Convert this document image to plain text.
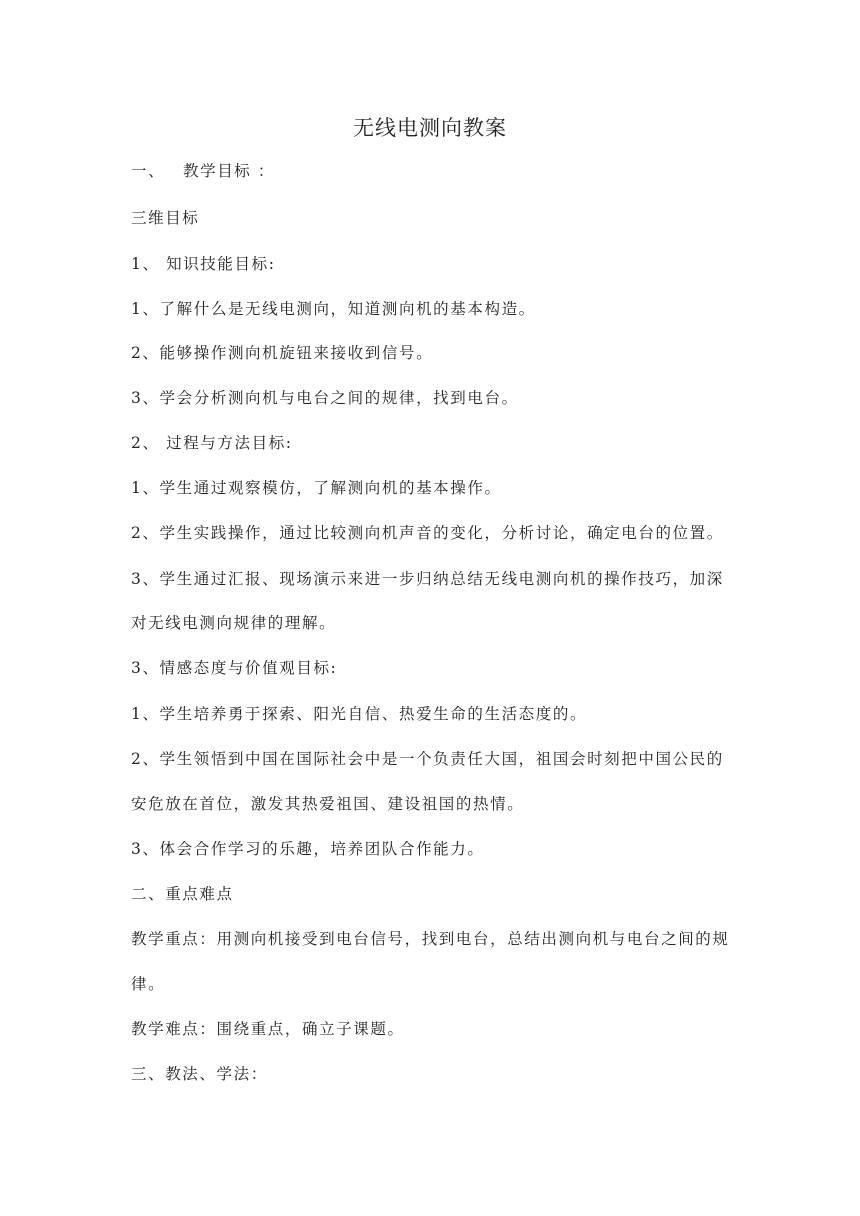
无线电测向教案
一、 教学目标 ：
三维目标
1、 知识技能目标:
1、了解什么是无线电测向，知道测向机的基本构造。
2、能够操作测向机旋钮来接收到信号。
3、学会分析测向机与电台之间的规律，找到电台。
2、 过程与方法目标:
1、学生通过观察模仿，了解测向机的基本操作。
2、学生实践操作，通过比较测向机声音的变化，分析讨论，确定电台的位置。
3、学生通过汇报、现场演示来进一步归纳总结无线电测向机的操作技巧，加深
对无线电测向规律的理解。
3、情感态度与价值观目标:
1、学生培养勇于探索、阳光自信、热爱生命的生活态度的。
2、学生领悟到中国在国际社会中是一个负责任大国，祖国会时刻把中国公民的
安危放在首位，激发其热爱祖国、建设祖国的热情。
3、体会合作学习的乐趣，培养团队合作能力。
二、重点难点
教学重点：用测向机接受到电台信号，找到电台，总结出测向机与电台之间的规
律。
教学难点：围绕重点，确立子课题。
三、教法、学法：
